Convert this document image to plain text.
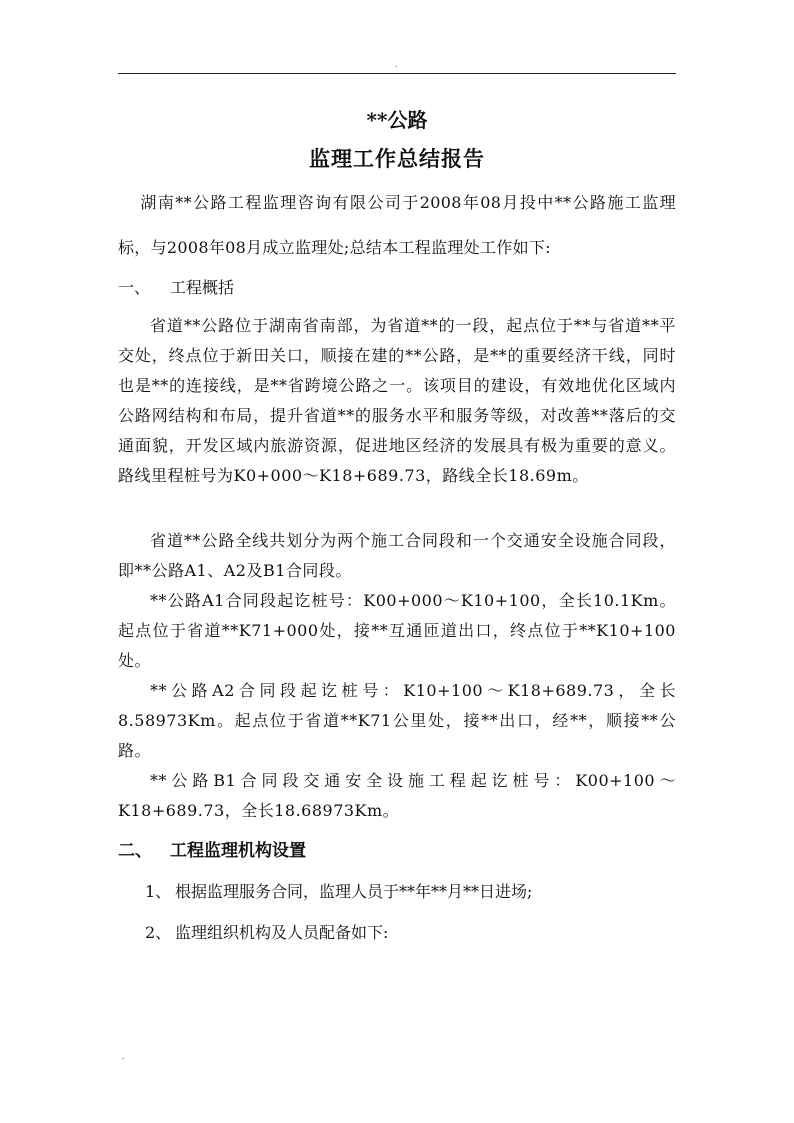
.
**公路
监理工作总结报告

湖南**公路工程监理咨询有限公司于2008年08月投中**公路施工监理标，与2008年08月成立监理处;总结本工程监理处工作如下:

一、 工程概括

省道**公路位于湖南省南部，为省道**的一段，起点位于**与省道**平交处，终点位于新田关口，顺接在建的**公路，是**的重要经济干线，同时也是**的连接线，是**省跨境公路之一。该项目的建设，有效地优化区域内公路网结构和布局，提升省道**的服务水平和服务等级，对改善**落后的交通面貌，开发区域内旅游资源，促进地区经济的发展具有极为重要的意义。路线里程桩号为K0+000～K18+689.73，路线全长18.69m。

省道**公路全线共划分为两个施工合同段和一个交通安全设施合同段，即**公路A1、A2及B1合同段。

**公路A1合同段起讫桩号：K00+000～K10+100，全长10.1Km。起点位于省道**K71+000处，接**互通匝道出口，终点位于**K10+100处。

**公路A2合同段起讫桩号：K10+100～K18+689.73，全长8.58973Km。起点位于省道**K71公里处，接**出口，经**，顺接**公路。

**公路B1合同段交通安全设施工程起讫桩号：K00+100～K18+689.73，全长18.68973Km。

二、 工程监理机构设置
1、 根据监理服务合同，监理人员于**年**月**日进场;
2、 监理组织机构及人员配备如下:
.
